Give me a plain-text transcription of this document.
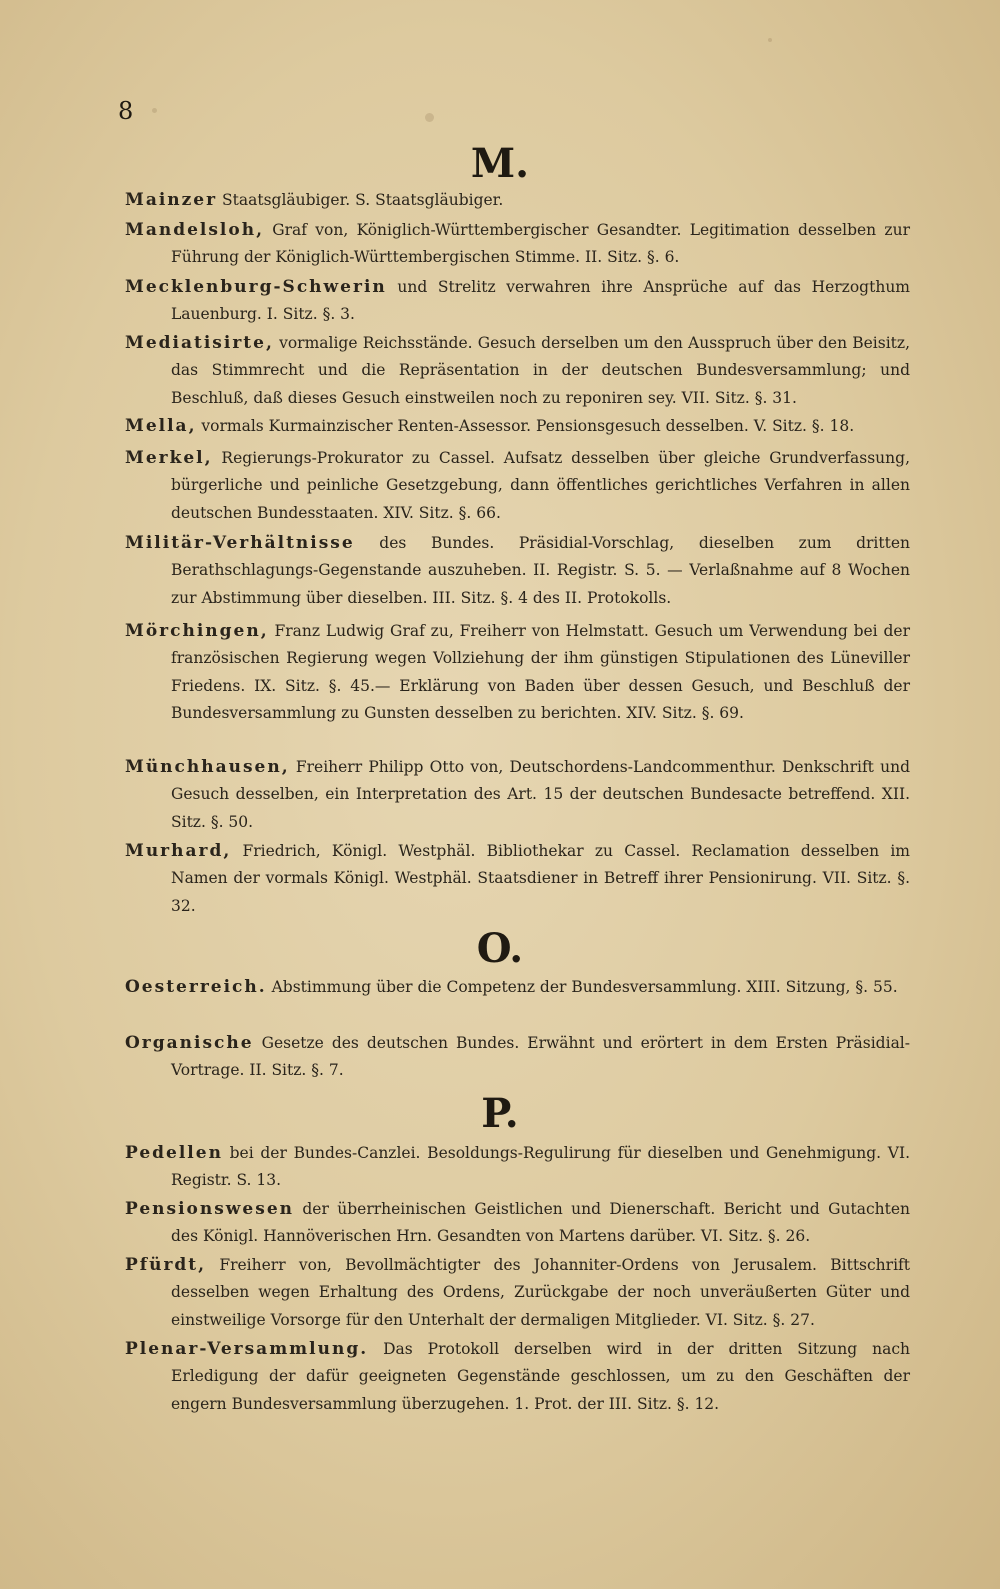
8
M.
Mainzer Staatsgläubiger. S. Staatsgläubiger.
Mandelsloh, Graf von, Königlich-Württembergischer Gesandter. Legitimation desselben zur Führung der Königlich-Württembergischen Stimme. II. Sitz. §. 6.
Mecklenburg-Schwerin und Strelitz verwahren ihre Ansprüche auf das Herzogthum Lauenburg. I. Sitz. §. 3.
Mediatisirte, vormalige Reichsstände. Gesuch derselben um den Ausspruch über den Beisitz, das Stimmrecht und die Repräsentation in der deutschen Bundesversammlung; und Beschluß, daß dieses Gesuch einstweilen noch zu reponiren sey. VII. Sitz. §. 31.
Mella, vormals Kurmainzischer Renten-Assessor. Pensionsgesuch desselben. V. Sitz. §. 18.
Merkel, Regierungs-Prokurator zu Cassel. Aufsatz desselben über gleiche Grundverfassung, bürgerliche und peinliche Gesetzgebung, dann öffentliches gerichtliches Verfahren in allen deutschen Bundesstaaten. XIV. Sitz. §. 66.
Militär-Verhältnisse des Bundes. Präsidial-Vorschlag, dieselben zum dritten Berathschlagungs-Gegenstande auszuheben. II. Registr. S. 5. — Verlaßnahme auf 8 Wochen zur Abstimmung über dieselben. III. Sitz. §. 4 des II. Protokolls.
Mörchingen, Franz Ludwig Graf zu, Freiherr von Helmstatt. Gesuch um Verwendung bei der französischen Regierung wegen Vollziehung der ihm günstigen Stipulationen des Lüneviller Friedens. IX. Sitz. §. 45.— Erklärung von Baden über dessen Gesuch, und Beschluß der Bundesversammlung zu Gunsten desselben zu berichten. XIV. Sitz. §. 69.
Münchhausen, Freiherr Philipp Otto von, Deutschordens-Landcommenthur. Denkschrift und Gesuch desselben, ein Interpretation des Art. 15 der deutschen Bundesacte betreffend. XII. Sitz. §. 50.
Murhard, Friedrich, Königl. Westphäl. Bibliothekar zu Cassel. Reclamation desselben im Namen der vormals Königl. Westphäl. Staatsdiener in Betreff ihrer Pensionirung. VII. Sitz. §. 32.
O.
Oesterreich. Abstimmung über die Competenz der Bundesversammlung. XIII. Sitzung, §. 55.
Organische Gesetze des deutschen Bundes. Erwähnt und erörtert in dem Ersten Präsidial-Vortrage. II. Sitz. §. 7.
P.
Pedellen bei der Bundes-Canzlei. Besoldungs-Regulirung für dieselben und Genehmigung. VI. Registr. S. 13.
Pensionswesen der überrheinischen Geistlichen und Dienerschaft. Bericht und Gutachten des Königl. Hannöverischen Hrn. Gesandten von Martens darüber. VI. Sitz. §. 26.
Pfürdt, Freiherr von, Bevollmächtigter des Johanniter-Ordens von Jerusalem. Bittschrift desselben wegen Erhaltung des Ordens, Zurückgabe der noch unveräußerten Güter und einstweilige Vorsorge für den Unterhalt der dermaligen Mitglieder. VI. Sitz. §. 27.
Plenar-Versammlung. Das Protokoll derselben wird in der dritten Sitzung nach Erledigung der dafür geeigneten Gegenstände geschlossen, um zu den Geschäften der engern Bundesversammlung überzugehen. 1. Prot. der III. Sitz. §. 12.
